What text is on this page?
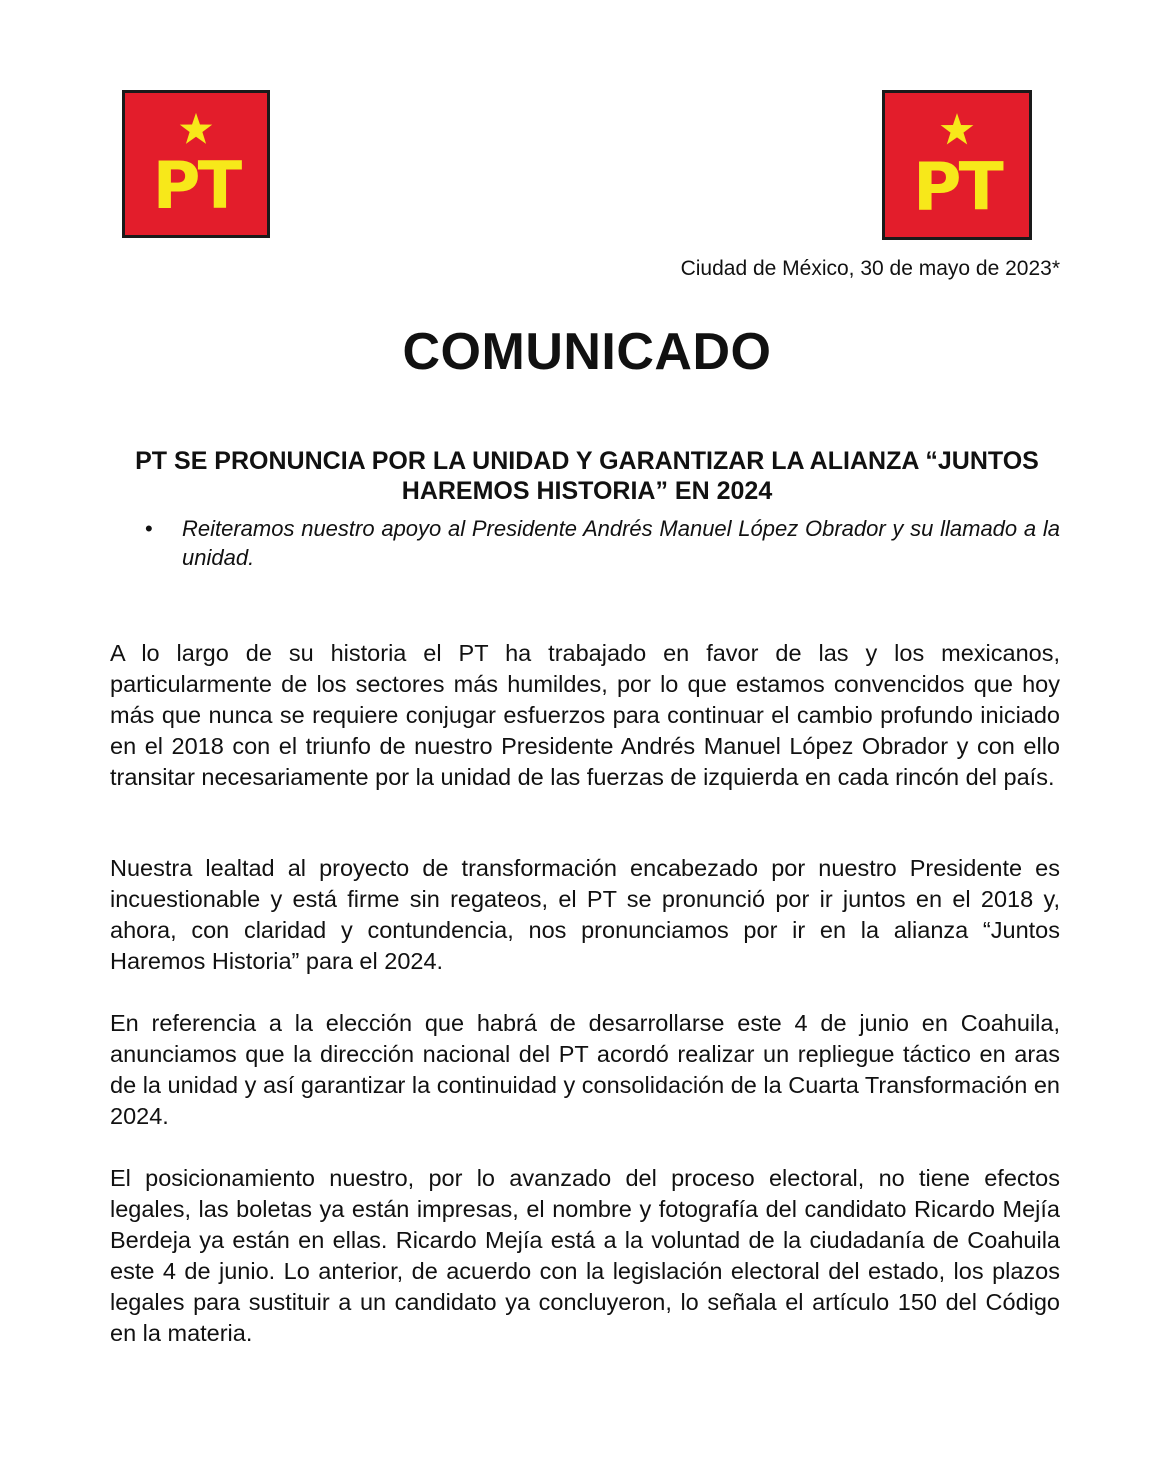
PT	PT
Ciudad de México, 30 de mayo de 2023*
COMUNICADO
PT SE PRONUNCIA POR LA UNIDAD Y GARANTIZAR LA ALIANZA “JUNTOS HAREMOS HISTORIA” EN 2024
• Reiteramos nuestro apoyo al Presidente Andrés Manuel López Obrador y su llamado a la unidad.

A lo largo de su historia el PT ha trabajado en favor de las y los mexicanos, particularmente de los sectores más humildes, por lo que estamos convencidos que hoy más que nunca se requiere conjugar esfuerzos para continuar el cambio profundo iniciado en el 2018 con el triunfo de nuestro Presidente Andrés Manuel López Obrador y con ello transitar necesariamente por la unidad de las fuerzas de izquierda en cada rincón del país.

Nuestra lealtad al proyecto de transformación encabezado por nuestro Presidente es incuestionable y está firme sin regateos, el PT se pronunció por ir juntos en el 2018 y, ahora, con claridad y contundencia, nos pronunciamos por ir en la alianza “Juntos Haremos Historia” para el 2024.

En referencia a la elección que habrá de desarrollarse este 4 de junio en Coahuila, anunciamos que la dirección nacional del PT acordó realizar un repliegue táctico en aras de la unidad y así garantizar la continuidad y consolidación de la Cuarta Transformación en 2024.

El posicionamiento nuestro, por lo avanzado del proceso electoral, no tiene efectos legales, las boletas ya están impresas, el nombre y fotografía del candidato Ricardo Mejía Berdeja ya están en ellas. Ricardo Mejía está a la voluntad de la ciudadanía de Coahuila este 4 de junio. Lo anterior, de acuerdo con la legislación electoral del estado, los plazos legales para sustituir a un candidato ya concluyeron, lo señala el artículo 150 del Código en la materia.
